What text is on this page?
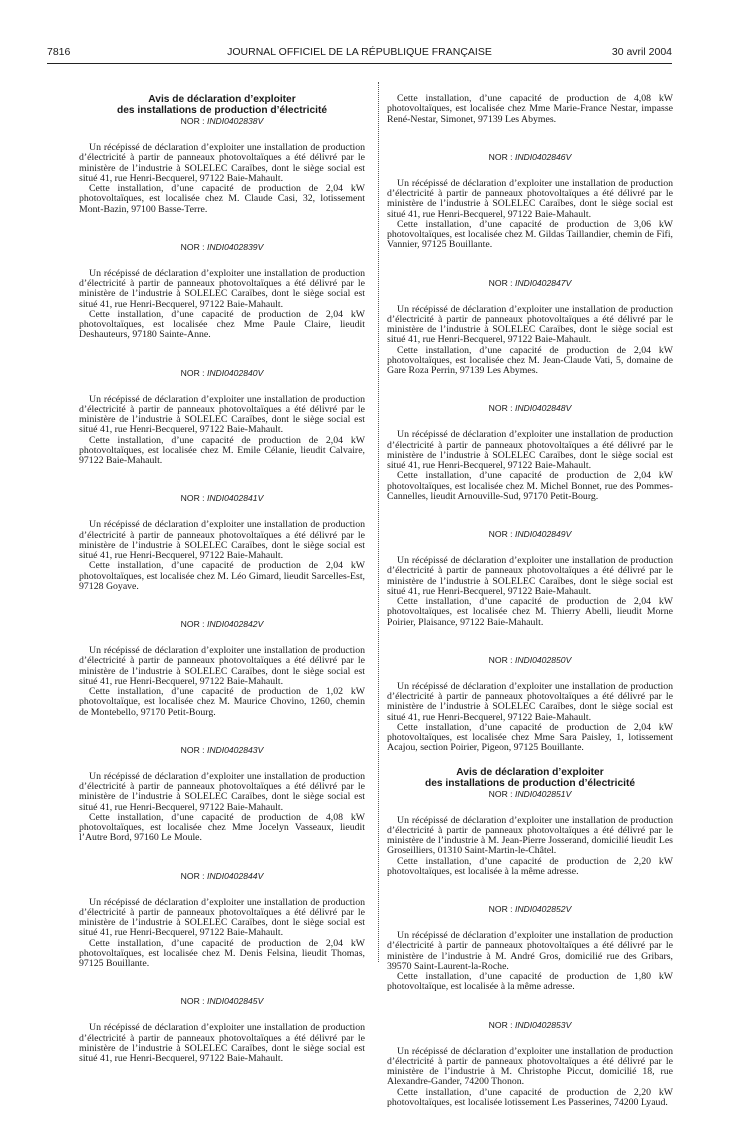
7816	JOURNAL OFFICIEL DE LA RÉPUBLIQUE FRANÇAISE	30 avril 2004
Avis de déclaration d’exploiter
des installations de production d’électricité
NOR : INDI0402838V

Un récépissé de déclaration d’exploiter une installation de production d’électricité à partir de panneaux photovoltaïques a été délivré par le ministère de l’industrie à SOLELEC Caraïbes, dont le siège social est situé 41, rue Henri-Becquerel, 97122 Baie-Mahault.

Cette installation, d’une capacité de production de 2,04 kW photovoltaïques, est localisée chez M. Claude Casi, 32, lotissement Mont-Bazin, 97100 Basse-Terre.

NOR : INDI0402839V

Un récépissé de déclaration d’exploiter une installation de production d’électricité à partir de panneaux photovoltaïques a été délivré par le ministère de l’industrie à SOLELEC Caraïbes, dont le siège social est situé 41, rue Henri-Becquerel, 97122 Baie-Mahault.

Cette installation, d’une capacité de production de 2,04 kW photovoltaïques, est localisée chez Mme Paule Claire, lieudit Deshauteurs, 97180 Sainte-Anne.

NOR : INDI0402840V

Un récépissé de déclaration d’exploiter une installation de production d’électricité à partir de panneaux photovoltaïques a été délivré par le ministère de l’industrie à SOLELEC Caraïbes, dont le siège social est situé 41, rue Henri-Becquerel, 97122 Baie-Mahault.

Cette installation, d’une capacité de production de 2,04 kW photovoltaïques, est localisée chez M. Emile Célanie, lieudit Calvaire, 97122 Baie-Mahault.

NOR : INDI0402841V

Un récépissé de déclaration d’exploiter une installation de production d’électricité à partir de panneaux photovoltaïques a été délivré par le ministère de l’industrie à SOLELEC Caraïbes, dont le siège social est situé 41, rue Henri-Becquerel, 97122 Baie-Mahault.

Cette installation, d’une capacité de production de 2,04 kW photovoltaïques, est localisée chez M. Léo Gimard, lieudit Sarcelles-Est, 97128 Goyave.

NOR : INDI0402842V

Un récépissé de déclaration d’exploiter une installation de production d’électricité à partir de panneaux photovoltaïques a été délivré par le ministère de l’industrie à SOLELEC Caraïbes, dont le siège social est situé 41, rue Henri-Becquerel, 97122 Baie-Mahault.

Cette installation, d’une capacité de production de 1,02 kW photovoltaïque, est localisée chez M. Maurice Chovino, 1260, chemin de Montebello, 97170 Petit-Bourg.

NOR : INDI0402843V

Un récépissé de déclaration d’exploiter une installation de production d’électricité à partir de panneaux photovoltaïques a été délivré par le ministère de l’industrie à SOLELEC Caraïbes, dont le siège social est situé 41, rue Henri-Becquerel, 97122 Baie-Mahault.

Cette installation, d’une capacité de production de 4,08 kW photovoltaïques, est localisée chez Mme Jocelyn Vasseaux, lieudit l’Autre Bord, 97160 Le Moule.

NOR : INDI0402844V

Un récépissé de déclaration d’exploiter une installation de production d’électricité à partir de panneaux photovoltaïques a été délivré par le ministère de l’industrie à SOLELEC Caraïbes, dont le siège social est situé 41, rue Henri-Becquerel, 97122 Baie-Mahault.

Cette installation, d’une capacité de production de 2,04 kW photovoltaïques, est localisée chez M. Denis Felsina, lieudit Thomas, 97125 Bouillante.

NOR : INDI0402845V

Un récépissé de déclaration d’exploiter une installation de production d’électricité à partir de panneaux photovoltaïques a été délivré par le ministère de l’industrie à SOLELEC Caraïbes, dont le siège social est situé 41, rue Henri-Becquerel, 97122 Baie-Mahault.

Cette installation, d’une capacité de production de 4,08 kW photovoltaïques, est localisée chez Mme Marie-France Nestar, impasse René-Nestar, Simonet, 97139 Les Abymes.

NOR : INDI0402846V

Un récépissé de déclaration d’exploiter une installation de production d’électricité à partir de panneaux photovoltaïques a été délivré par le ministère de l’industrie à SOLELEC Caraïbes, dont le siège social est situé 41, rue Henri-Becquerel, 97122 Baie-Mahault.

Cette installation, d’une capacité de production de 3,06 kW photovoltaïques, est localisée chez M. Gildas Taillandier, chemin de Fifi, Vannier, 97125 Bouillante.

NOR : INDI0402847V

Un récépissé de déclaration d’exploiter une installation de production d’électricité à partir de panneaux photovoltaïques a été délivré par le ministère de l’industrie à SOLELEC Caraïbes, dont le siège social est situé 41, rue Henri-Becquerel, 97122 Baie-Mahault.

Cette installation, d’une capacité de production de 2,04 kW photovoltaïques, est localisée chez M. Jean-Claude Vati, 5, domaine de Gare Roza Perrin, 97139 Les Abymes.

NOR : INDI0402848V

Un récépissé de déclaration d’exploiter une installation de production d’électricité à partir de panneaux photovoltaïques a été délivré par le ministère de l’industrie à SOLELEC Caraïbes, dont le siège social est situé 41, rue Henri-Becquerel, 97122 Baie-Mahault.

Cette installation, d’une capacité de production de 2,04 kW photovoltaïques, est localisée chez M. Michel Bonnet, rue des Pommes-Cannelles, lieudit Arnouville-Sud, 97170 Petit-Bourg.

NOR : INDI0402849V

Un récépissé de déclaration d’exploiter une installation de production d’électricité à partir de panneaux photovoltaïques a été délivré par le ministère de l’industrie à SOLELEC Caraïbes, dont le siège social est situé 41, rue Henri-Becquerel, 97122 Baie-Mahault.

Cette installation, d’une capacité de production de 2,04 kW photovoltaïques, est localisée chez M. Thierry Abelli, lieudit Morne Poirier, Plaisance, 97122 Baie-Mahault.

NOR : INDI0402850V

Un récépissé de déclaration d’exploiter une installation de production d’électricité à partir de panneaux photovoltaïques a été délivré par le ministère de l’industrie à SOLELEC Caraïbes, dont le siège social est situé 41, rue Henri-Becquerel, 97122 Baie-Mahault.

Cette installation, d’une capacité de production de 2,04 kW photovoltaïques, est localisée chez Mme Sara Paisley, 1, lotissement Acajou, section Poirier, Pigeon, 97125 Bouillante.

Avis de déclaration d’exploiter
des installations de production d’électricité
NOR : INDI0402851V

Un récépissé de déclaration d’exploiter une installation de production d’électricité à partir de panneaux photovoltaïques a été délivré par le ministère de l’industrie à M. Jean-Pierre Josserand, domicilié lieudit Les Groseilliers, 01310 Saint-Martin-le-Châtel.

Cette installation, d’une capacité de production de 2,20 kW photovoltaïques, est localisée à la même adresse.

NOR : INDI0402852V

Un récépissé de déclaration d’exploiter une installation de production d’électricité à partir de panneaux photovoltaïques a été délivré par le ministère de l’industrie à M. André Gros, domicilié rue des Gribars, 39570 Saint-Laurent-la-Roche.

Cette installation, d’une capacité de production de 1,80 kW photovoltaïque, est localisée à la même adresse.

NOR : INDI0402853V

Un récépissé de déclaration d’exploiter une installation de production d’électricité à partir de panneaux photovoltaïques a été délivré par le ministère de l’industrie à M. Christophe Piccut, domicilié 18, rue Alexandre-Gander, 74200 Thonon.

Cette installation, d’une capacité de production de 2,20 kW photovoltaïques, est localisée lotissement Les Passerines, 74200 Lyaud.
